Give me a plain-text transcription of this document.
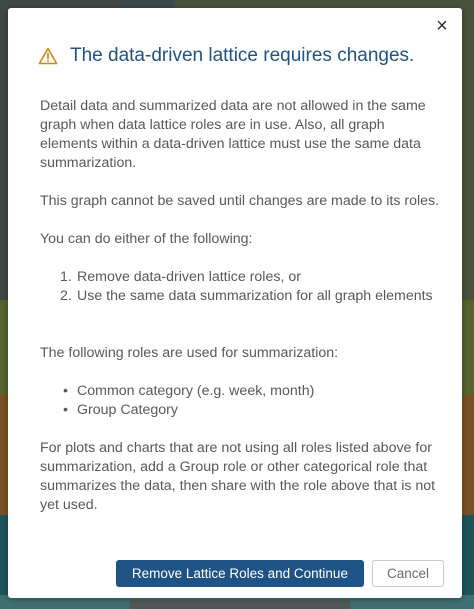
×
The data-driven lattice requires changes.

Detail data and summarized data are not allowed in the same graph when data lattice roles are in use. Also, all graph elements within a data-driven lattice must use the same data summarization.

This graph cannot be saved until changes are made to its roles.

You can do either of the following:

1. Remove data-driven lattice roles, or
2. Use the same data summarization for all graph elements

The following roles are used for summarization:

• Common category (e.g. week, month)
• Group Category

For plots and charts that are not using all roles listed above for summarization, add a Group role or other categorical role that summarizes the data, then share with the role above that is not yet used.

Remove Lattice Roles and Continue	Cancel
